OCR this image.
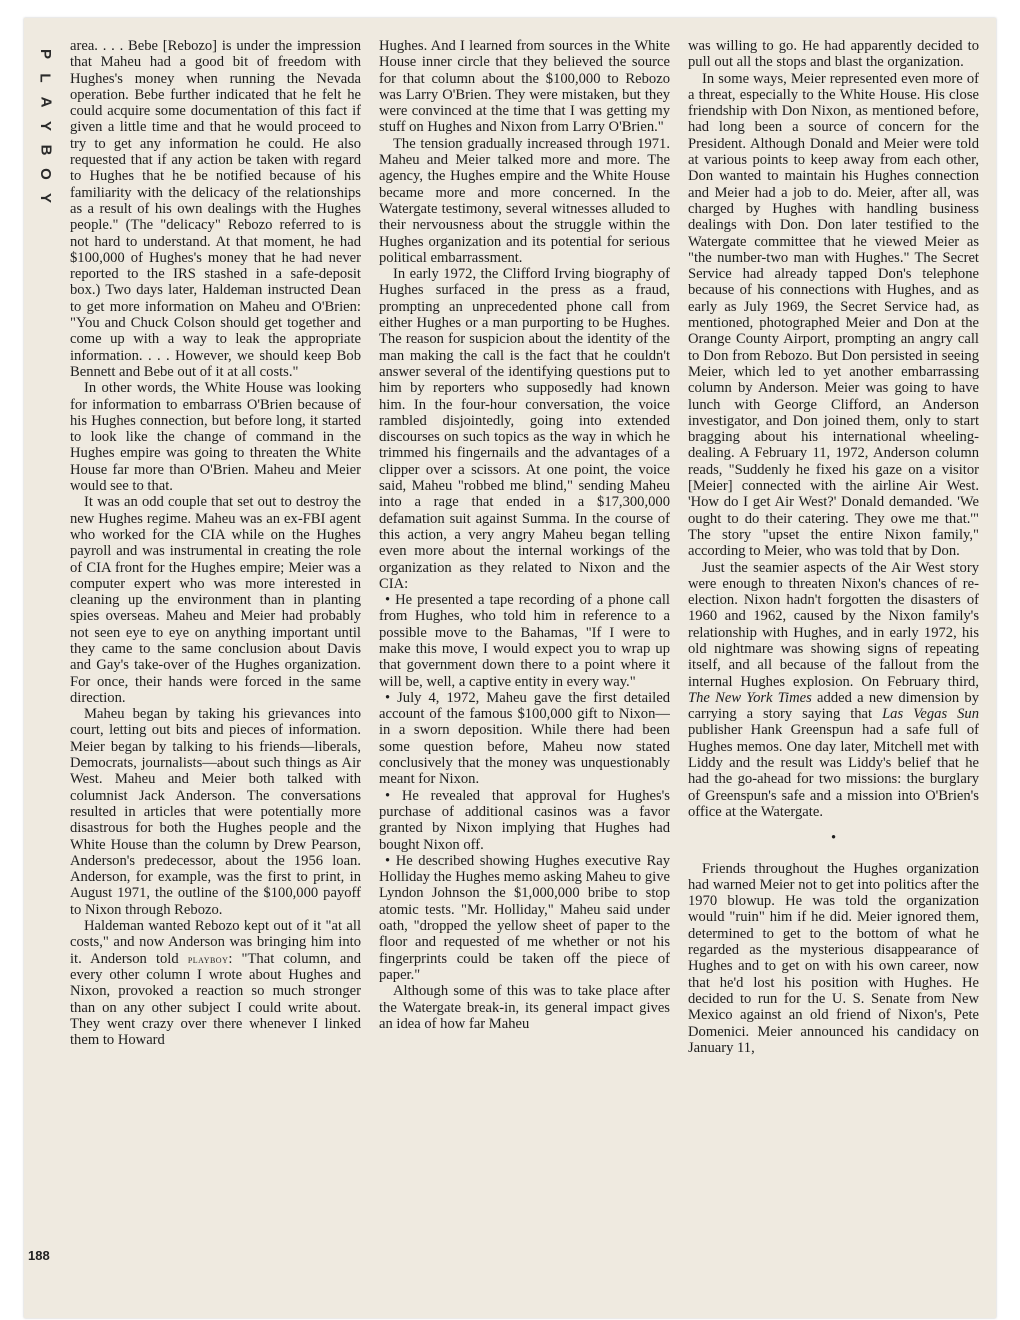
P
L
A
Y
B
O
Y
188

area. . . . Bebe [Rebozo] is under the impression that Maheu had a good bit of freedom with Hughes's money when running the Nevada operation. Bebe further indicated that he felt he could acquire some documentation of this fact if given a little time and that he would proceed to try to get any information he could. He also requested that if any action be taken with regard to Hughes that he be notified because of his familiarity with the delicacy of the relationships as a result of his own dealings with the Hughes people." (The "delicacy" Rebozo referred to is not hard to understand. At that moment, he had $100,000 of Hughes's money that he had never reported to the IRS stashed in a safe-deposit box.) Two days later, Haldeman instructed Dean to get more information on Maheu and O'Brien: "You and Chuck Colson should get together and come up with a way to leak the appropriate information. . . . However, we should keep Bob Bennett and Bebe out of it at all costs."

In other words, the White House was looking for information to embarrass O'Brien because of his Hughes connection, but before long, it started to look like the change of command in the Hughes empire was going to threaten the White House far more than O'Brien. Maheu and Meier would see to that.

It was an odd couple that set out to destroy the new Hughes regime. Maheu was an ex-FBI agent who worked for the CIA while on the Hughes payroll and was instrumental in creating the role of CIA front for the Hughes empire; Meier was a computer expert who was more interested in cleaning up the environment than in planting spies overseas. Maheu and Meier had probably not seen eye to eye on anything important until they came to the same conclusion about Davis and Gay's take-over of the Hughes organization. For once, their hands were forced in the same direction.

Maheu began by taking his grievances into court, letting out bits and pieces of information. Meier began by talking to his friends—liberals, Democrats, journalists—about such things as Air West. Maheu and Meier both talked with columnist Jack Anderson. The conversations resulted in articles that were potentially more disastrous for both the Hughes people and the White House than the column by Drew Pearson, Anderson's predecessor, about the 1956 loan. Anderson, for example, was the first to print, in August 1971, the outline of the $100,000 payoff to Nixon through Rebozo.

Haldeman wanted Rebozo kept out of it "at all costs," and now Anderson was bringing him into it. Anderson told playboy: "That column, and every other column I wrote about Hughes and Nixon, provoked a reaction so much stronger than on any other subject I could write about. They went crazy over there whenever I linked them to Howard

Hughes. And I learned from sources in the White House inner circle that they believed the source for that column about the $100,000 to Rebozo was Larry O'Brien. They were mistaken, but they were convinced at the time that I was getting my stuff on Hughes and Nixon from Larry O'Brien."

The tension gradually increased through 1971. Maheu and Meier talked more and more. The agency, the Hughes empire and the White House became more and more concerned. In the Watergate testimony, several witnesses alluded to their nervousness about the struggle within the Hughes organization and its potential for serious political embarrassment.

In early 1972, the Clifford Irving biography of Hughes surfaced in the press as a fraud, prompting an unprecedented phone call from either Hughes or a man purporting to be Hughes. The reason for suspicion about the identity of the man making the call is the fact that he couldn't answer several of the identifying questions put to him by reporters who supposedly had known him. In the four-hour conversation, the voice rambled disjointedly, going into extended discourses on such topics as the way in which he trimmed his fingernails and the advantages of a clipper over a scissors. At one point, the voice said, Maheu "robbed me blind," sending Maheu into a rage that ended in a $17,300,000 defamation suit against Summa. In the course of this action, a very angry Maheu began telling even more about the internal workings of the organization as they related to Nixon and the CIA:

• He presented a tape recording of a phone call from Hughes, who told him in reference to a possible move to the Bahamas, "If I were to make this move, I would expect you to wrap up that government down there to a point where it will be, well, a captive entity in every way."

• July 4, 1972, Maheu gave the first detailed account of the famous $100,000 gift to Nixon—in a sworn deposition. While there had been some question before, Maheu now stated conclusively that the money was unquestionably meant for Nixon.

• He revealed that approval for Hughes's purchase of additional casinos was a favor granted by Nixon implying that Hughes had bought Nixon off.

• He described showing Hughes executive Ray Holliday the Hughes memo asking Maheu to give Lyndon Johnson the $1,000,000 bribe to stop atomic tests. "Mr. Holliday," Maheu said under oath, "dropped the yellow sheet of paper to the floor and requested of me whether or not his fingerprints could be taken off the piece of paper."

Although some of this was to take place after the Watergate break-in, its general impact gives an idea of how far Maheu

was willing to go. He had apparently decided to pull out all the stops and blast the organization.

In some ways, Meier represented even more of a threat, especially to the White House. His close friendship with Don Nixon, as mentioned before, had long been a source of concern for the President. Although Donald and Meier were told at various points to keep away from each other, Don wanted to maintain his Hughes connection and Meier had a job to do. Meier, after all, was charged by Hughes with handling business dealings with Don. Don later testified to the Watergate committee that he viewed Meier as "the number-two man with Hughes." The Secret Service had already tapped Don's telephone because of his connections with Hughes, and as early as July 1969, the Secret Service had, as mentioned, photographed Meier and Don at the Orange County Airport, prompting an angry call to Don from Rebozo. But Don persisted in seeing Meier, which led to yet another embarrassing column by Anderson. Meier was going to have lunch with George Clifford, an Anderson investigator, and Don joined them, only to start bragging about his international wheeling-dealing. A February 11, 1972, Anderson column reads, "Suddenly he fixed his gaze on a visitor [Meier] connected with the airline Air West. 'How do I get Air West?' Donald demanded. 'We ought to do their catering. They owe me that.'" The story "upset the entire Nixon family," according to Meier, who was told that by Don.

Just the seamier aspects of the Air West story were enough to threaten Nixon's chances of re-election. Nixon hadn't forgotten the disasters of 1960 and 1962, caused by the Nixon family's relationship with Hughes, and in early 1972, his old nightmare was showing signs of repeating itself, and all because of the fallout from the internal Hughes explosion. On February third, The New York Times added a new dimension by carrying a story saying that Las Vegas Sun publisher Hank Greenspun had a safe full of Hughes memos. One day later, Mitchell met with Liddy and the result was Liddy's belief that he had the go-ahead for two missions: the burglary of Greenspun's safe and a mission into O'Brien's office at the Watergate.

•

Friends throughout the Hughes organization had warned Meier not to get into politics after the 1970 blowup. He was told the organization would "ruin" him if he did. Meier ignored them, determined to get to the bottom of what he regarded as the mysterious disappearance of Hughes and to get on with his own career, now that he'd lost his position with Hughes. He decided to run for the U. S. Senate from New Mexico against an old friend of Nixon's, Pete Domenici. Meier announced his candidacy on January 11,
